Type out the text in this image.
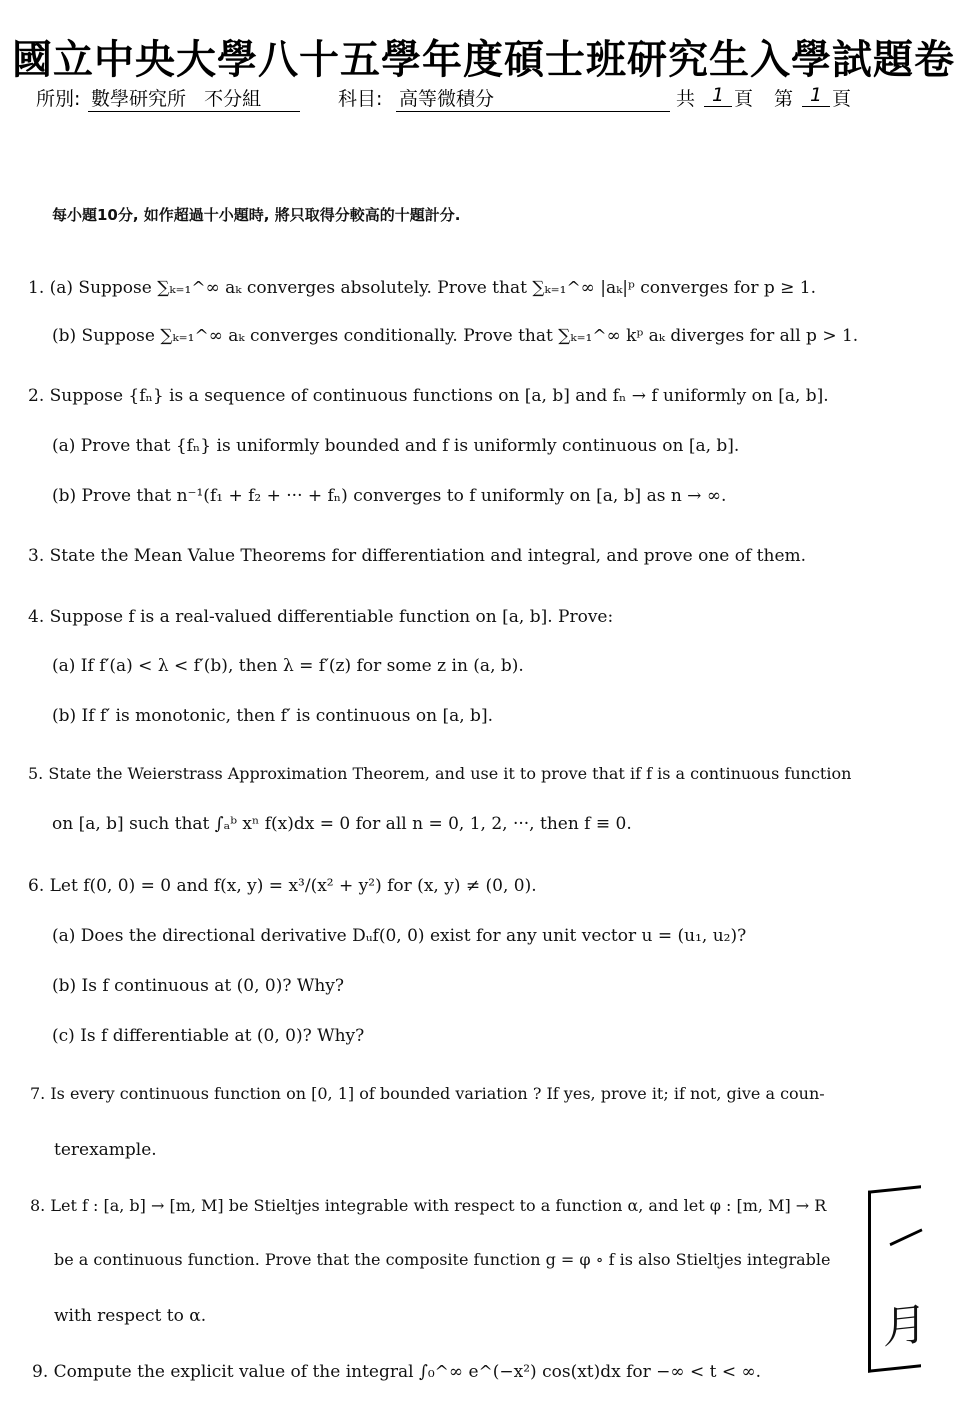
國立中央大學八十五學年度碩士班研究生入學試題卷
所別: 數學研究所 不分組	科目: 高等微積分	共 1 頁 第 1 頁
每小題10分, 如作超過十小題時, 將只取得分較高的十題計分.
1. (a) Suppose ∑ₖ₌₁^∞ aₖ converges absolutely. Prove that ∑ₖ₌₁^∞ |aₖ|ᵖ converges for p ≥ 1.
(b) Suppose ∑ₖ₌₁^∞ aₖ converges conditionally. Prove that ∑ₖ₌₁^∞ kᵖ aₖ diverges for all p > 1.
2. Suppose {fₙ} is a sequence of continuous functions on [a, b] and fₙ → f uniformly on [a, b].
(a) Prove that {fₙ} is uniformly bounded and f is uniformly continuous on [a, b].
(b) Prove that n⁻¹(f₁ + f₂ + ··· + fₙ) converges to f uniformly on [a, b] as n → ∞.
3. State the Mean Value Theorems for differentiation and integral, and prove one of them.
4. Suppose f is a real-valued differentiable function on [a, b]. Prove:
(a) If f′(a) < λ < f′(b), then λ = f′(z) for some z in (a, b).
(b) If f′ is monotonic, then f′ is continuous on [a, b].
5. State the Weierstrass Approximation Theorem, and use it to prove that if f is a continuous function
on [a, b] such that ∫ₐᵇ xⁿ f(x)dx = 0 for all n = 0, 1, 2, ···, then f ≡ 0.
6. Let f(0, 0) = 0 and f(x, y) = x³/(x² + y²) for (x, y) ≠ (0, 0).
(a) Does the directional derivative Dᵤf(0, 0) exist for any unit vector u = (u₁, u₂)?
(b) Is f continuous at (0, 0)? Why?
(c) Is f differentiable at (0, 0)? Why?
7. Is every continuous function on [0, 1] of bounded variation ? If yes, prove it; if not, give a coun-
terexample.
8. Let f : [a, b] → [m, M] be Stieltjes integrable with respect to a function α, and let φ : [m, M] → R
be a continuous function. Prove that the composite function g = φ ∘ f is also Stieltjes integrable
with respect to α.
9. Compute the explicit value of the integral ∫₀^∞ e^(−x²) cos(xt)dx for −∞ < t < ∞.
月
